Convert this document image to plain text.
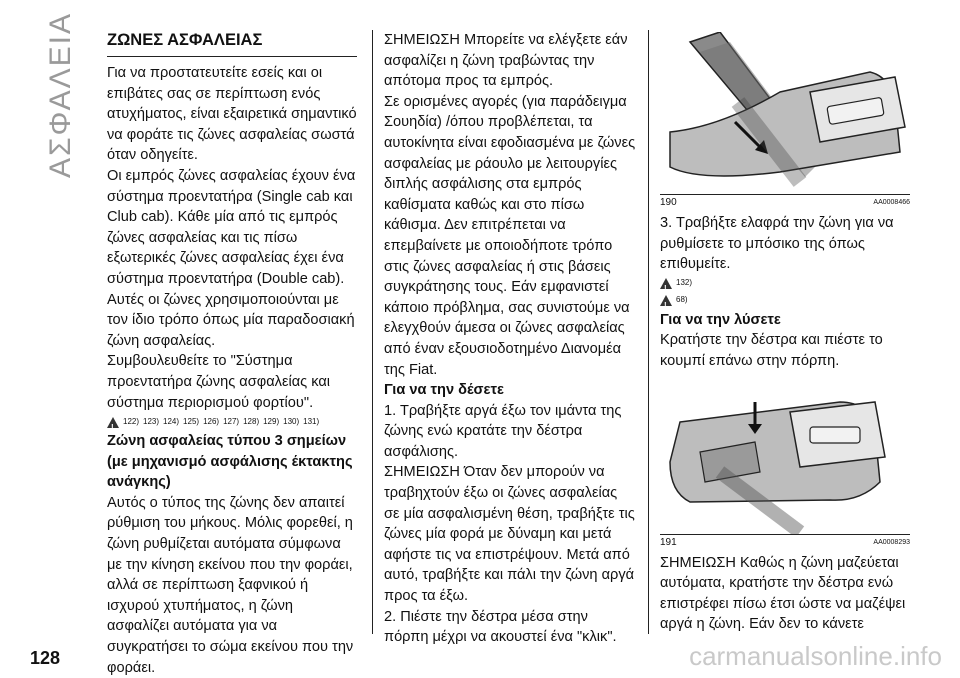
ΑΣΦΑΛΕΙΑ	ΖΩΝΕΣ ΑΣΦΑΛΕΙΑΣ

Για να προστατευτείτε εσείς και οι επιβάτες σας σε περίπτωση ενός ατυχήματος, είναι εξαιρετικά σημαντικό να φοράτε τις ζώνες ασφαλείας σωστά όταν οδηγείτε.

Οι εμπρός ζώνες ασφαλείας έχουν ένα σύστημα προεντατήρα (Single cab και Club cab). Κάθε μία από τις εμπρός ζώνες ασφαλείας και τις πίσω εξωτερικές ζώνες ασφαλείας έχει ένα σύστημα προεντατήρα (Double cab).

Αυτές οι ζώνες χρησιμοποιούνται με τον ίδιο τρόπο όπως μία παραδοσιακή ζώνη ασφαλείας.

Συμβουλευθείτε το "Σύστημα προεντατήρα ζώνης ασφαλείας και σύστημα περιορισμού φορτίου".

!
122) 123) 124) 125) 126) 127) 128) 129) 130) 131)

Ζώνη ασφαλείας τύπου 3 σημείων (με μηχανισμό ασφάλισης έκτακτης ανάγκης)

Αυτός ο τύπος της ζώνης δεν απαιτεί ρύθμιση του μήκους. Μόλις φορεθεί, η ζώνη ρυθμίζεται αυτόματα σύμφωνα με την κίνηση εκείνου που την φοράει, αλλά σε περίπτωση ξαφνικού ή ισχυρού χτυπήματος, η ζώνη ασφαλίζει αυτόματα για να συγκρατήσει το σώμα εκείνου που την φοράει.

ΣΗΜΕΙΩΣΗ Μπορείτε να ελέγξετε εάν ασφαλίζει η ζώνη τραβώντας την απότομα προς τα εμπρός.

Σε ορισμένες αγορές (για παράδειγμα Σουηδία) /όπου προβλέπεται, τα αυτοκίνητα είναι εφοδιασμένα με ζώνες ασφαλείας με ράουλο με λειτουργίες διπλής ασφάλισης στα εμπρός καθίσματα καθώς και στο πίσω κάθισμα. Δεν επιτρέπεται να επεμβαίνετε με οποιοδήποτε τρόπο στις ζώνες ασφαλείας ή στις βάσεις συγκράτησης τους. Εάν εμφανιστεί κάποιο πρόβλημα, σας συνιστούμε να ελεγχθούν άμεσα οι ζώνες ασφαλείας από έναν εξουσιοδοτημένο Διανομέα της Fiat.

Για να την δέσετε

1. Τραβήξτε αργά έξω τον ιμάντα της ζώνης ενώ κρατάτε την δέστρα ασφάλισης.

ΣΗΜΕΙΩΣΗ Όταν δεν μπορούν να τραβηχτούν έξω οι ζώνες ασφαλείας σε μία ασφαλισμένη θέση, τραβήξτε τις ζώνες μία φορά με δύναμη και μετά αφήστε τις να επιστρέψουν. Μετά από αυτό, τραβήξτε και πάλι την ζώνη αργά προς τα έξω.

2. Πιέστε την δέστρα μέσα στην πόρπη μέχρι να ακουστεί ένα "κλικ".

190	AA0008466

3. Τραβήξτε ελαφρά την ζώνη για να ρυθμίσετε το μπόσικο της όπως επιθυμείτε.

!
132)
!
68)

Για να την λύσετε

Κρατήστε την δέστρα και πιέστε το κουμπί επάνω στην πόρπη.

191	AA0008293

ΣΗΜΕΙΩΣΗ Καθώς η ζώνη μαζεύεται αυτόματα, κρατήστε την δέστρα ενώ επιστρέφει πίσω έτσι ώστε να μαζέψει αργά η ζώνη. Εάν δεν το κάνετε

128	carmanualsonline.info
